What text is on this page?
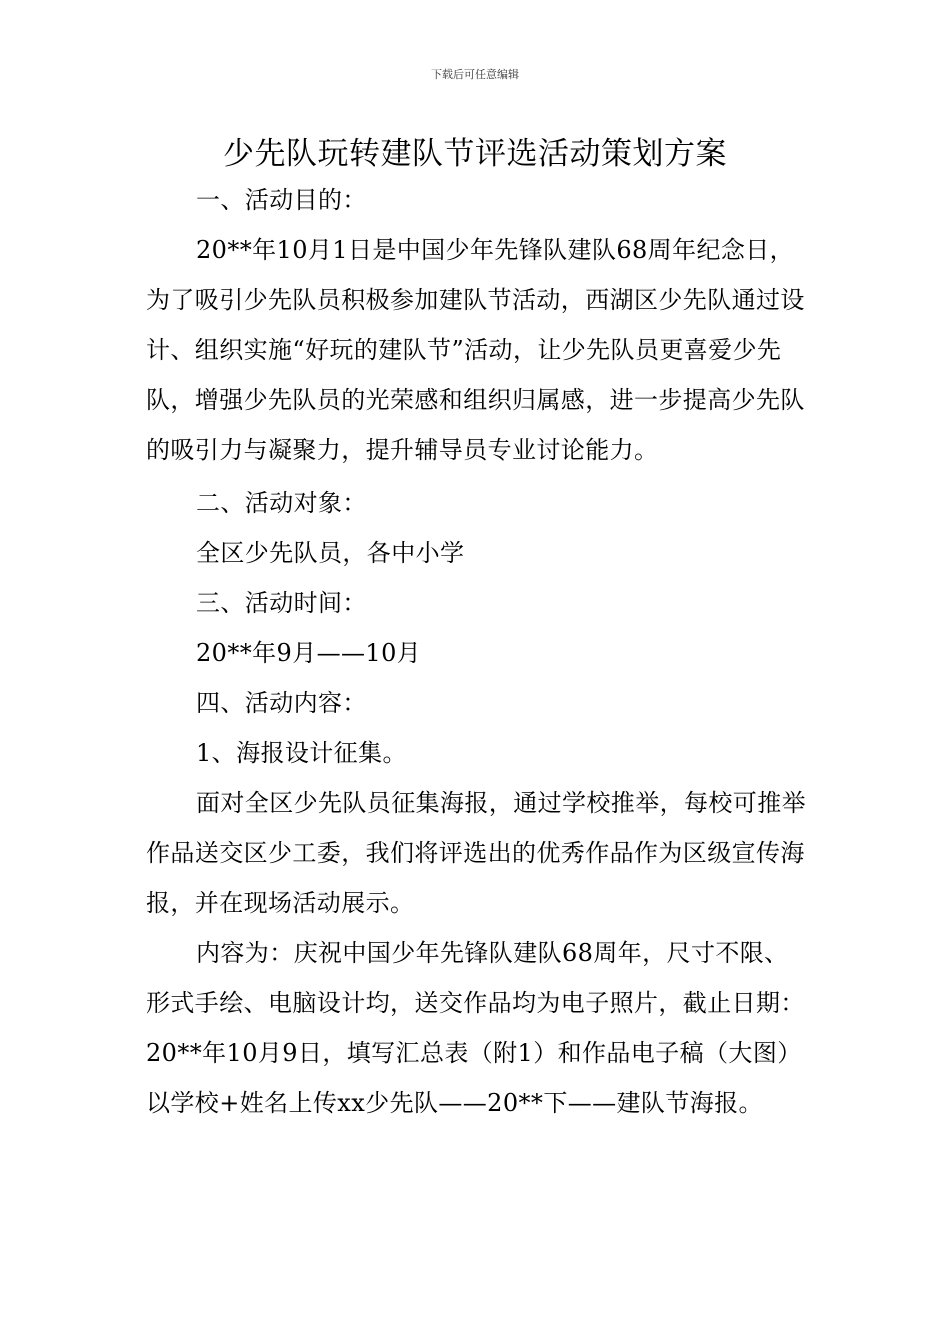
下载后可任意编辑
少先队玩转建队节评选活动策划方案

一、活动目的：

20**年10月1日是中国少年先锋队建队68周年纪念日，为了吸引少先队员积极参加建队节活动，西湖区少先队通过设计、组织实施“好玩的建队节”活动，让少先队员更喜爱少先队，增强少先队员的光荣感和组织归属感，进一步提高少先队的吸引力与凝聚力，提升辅导员专业讨论能力。

二、活动对象：

全区少先队员，各中小学

三、活动时间：

20**年9月——10月

四、活动内容：

1、海报设计征集。

面对全区少先队员征集海报，通过学校推举，每校可推举作品送交区少工委，我们将评选出的优秀作品作为区级宣传海报，并在现场活动展示。

内容为：庆祝中国少年先锋队建队68周年，尺寸不限、形式手绘、电脑设计均，送交作品均为电子照片，截止日期：20**年10月9日，填写汇总表（附1）和作品电子稿（大图）以学校+姓名上传xx少先队——20**下——建队节海报。
